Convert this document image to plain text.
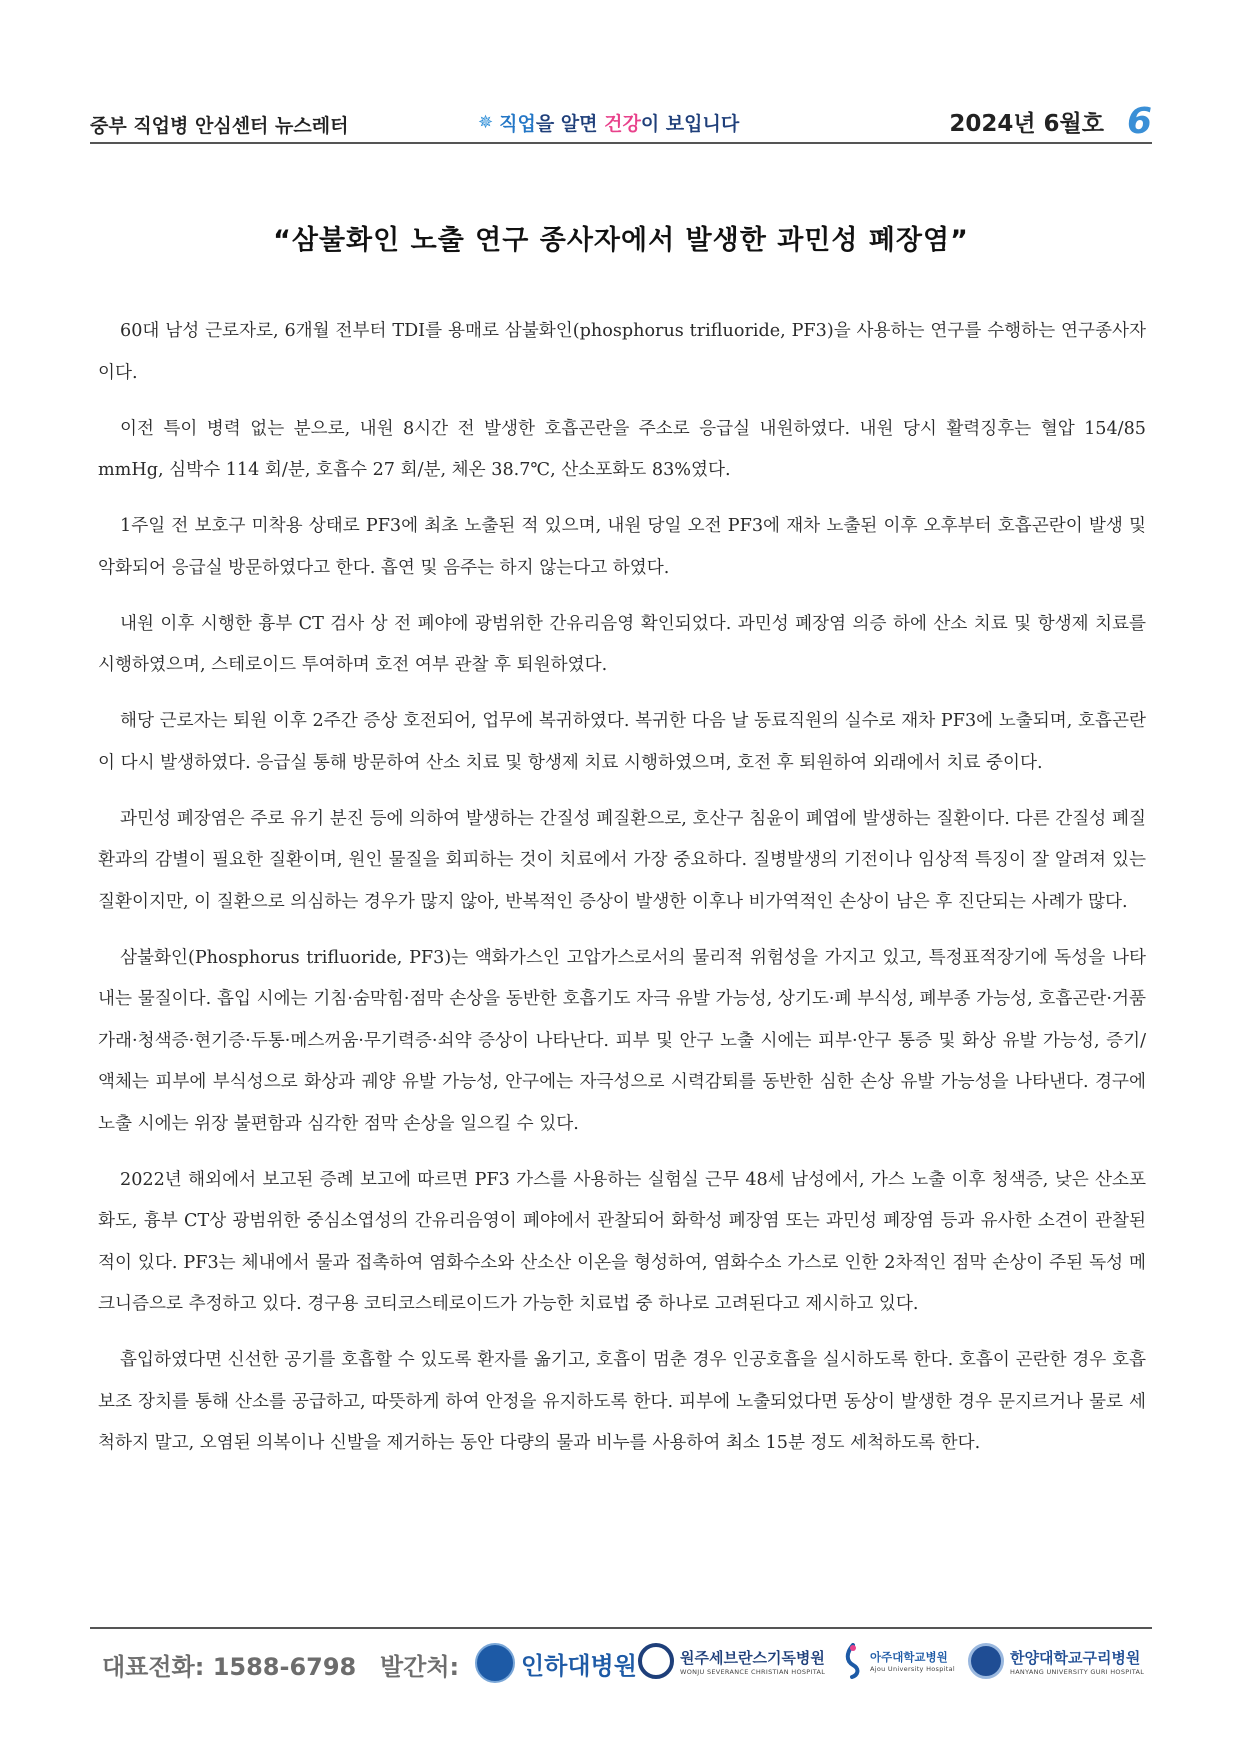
중부 직업병 안심센터 뉴스레터	✵ 직업을 알면 건강이 보입니다	2024년 6월호 6
“삼불화인 노출 연구 종사자에서 발생한 과민성 폐장염”

60대 남성 근로자로, 6개월 전부터 TDI를 용매로 삼불화인(phosphorus trifluoride, PF3)을 사용하는 연구를 수행하는 연구종사자이다.

이전 특이 병력 없는 분으로, 내원 8시간 전 발생한 호흡곤란을 주소로 응급실 내원하였다. 내원 당시 활력징후는 혈압 154/85 mmHg, 심박수 114 회/분, 호흡수 27 회/분, 체온 38.7℃, 산소포화도 83%였다.

1주일 전 보호구 미착용 상태로 PF3에 최초 노출된 적 있으며, 내원 당일 오전 PF3에 재차 노출된 이후 오후부터 호흡곤란이 발생 및 악화되어 응급실 방문하였다고 한다. 흡연 및 음주는 하지 않는다고 하였다.

내원 이후 시행한 흉부 CT 검사 상 전 폐야에 광범위한 간유리음영 확인되었다. 과민성 폐장염 의증 하에 산소 치료 및 항생제 치료를 시행하였으며, 스테로이드 투여하며 호전 여부 관찰 후 퇴원하였다.

해당 근로자는 퇴원 이후 2주간 증상 호전되어, 업무에 복귀하였다. 복귀한 다음 날 동료직원의 실수로 재차 PF3에 노출되며, 호흡곤란이 다시 발생하였다. 응급실 통해 방문하여 산소 치료 및 항생제 치료 시행하였으며, 호전 후 퇴원하여 외래에서 치료 중이다.

과민성 폐장염은 주로 유기 분진 등에 의하여 발생하는 간질성 폐질환으로, 호산구 침윤이 폐엽에 발생하는 질환이다. 다른 간질성 폐질환과의 감별이 필요한 질환이며, 원인 물질을 회피하는 것이 치료에서 가장 중요하다. 질병발생의 기전이나 임상적 특징이 잘 알려져 있는 질환이지만, 이 질환으로 의심하는 경우가 많지 않아, 반복적인 증상이 발생한 이후나 비가역적인 손상이 남은 후 진단되는 사례가 많다.

삼불화인(Phosphorus trifluoride, PF3)는 액화가스인 고압가스로서의 물리적 위험성을 가지고 있고, 특정표적장기에 독성을 나타내는 물질이다. 흡입 시에는 기침·숨막힘·점막 손상을 동반한 호흡기도 자극 유발 가능성, 상기도·폐 부식성, 폐부종 가능성, 호흡곤란·거품 가래·청색증·현기증·두통·메스꺼움·무기력증·쇠약 증상이 나타난다. 피부 및 안구 노출 시에는 피부·안구 통증 및 화상 유발 가능성, 증기/액체는 피부에 부식성으로 화상과 궤양 유발 가능성, 안구에는 자극성으로 시력감퇴를 동반한 심한 손상 유발 가능성을 나타낸다. 경구에 노출 시에는 위장 불편함과 심각한 점막 손상을 일으킬 수 있다.

2022년 해외에서 보고된 증례 보고에 따르면 PF3 가스를 사용하는 실험실 근무 48세 남성에서, 가스 노출 이후 청색증, 낮은 산소포화도, 흉부 CT상 광범위한 중심소엽성의 간유리음영이 폐야에서 관찰되어 화학성 폐장염 또는 과민성 폐장염 등과 유사한 소견이 관찰된 적이 있다. PF3는 체내에서 물과 접촉하여 염화수소와 산소산 이온을 형성하여, 염화수소 가스로 인한 2차적인 점막 손상이 주된 독성 메크니즘으로 추정하고 있다. 경구용 코티코스테로이드가 가능한 치료법 중 하나로 고려된다고 제시하고 있다.

흡입하였다면 신선한 공기를 호흡할 수 있도록 환자를 옮기고, 호흡이 멈춘 경우 인공호흡을 실시하도록 한다. 호흡이 곤란한 경우 호흡 보조 장치를 통해 산소를 공급하고, 따뜻하게 하여 안정을 유지하도록 한다. 피부에 노출되었다면 동상이 발생한 경우 문지르거나 물로 세척하지 말고, 오염된 의복이나 신발을 제거하는 동안 다량의 물과 비누를 사용하여 최소 15분 정도 세척하도록 한다.

대표전화: 1588-6798 발간처:	인하대병원	원주세브란스기독병원
WONJU SEVERANCE CHRISTIAN HOSPITAL
아주대학교병원
Ajou University Hospital
한양대학교구리병원
HANYANG UNIVERSITY GURI HOSPITAL
